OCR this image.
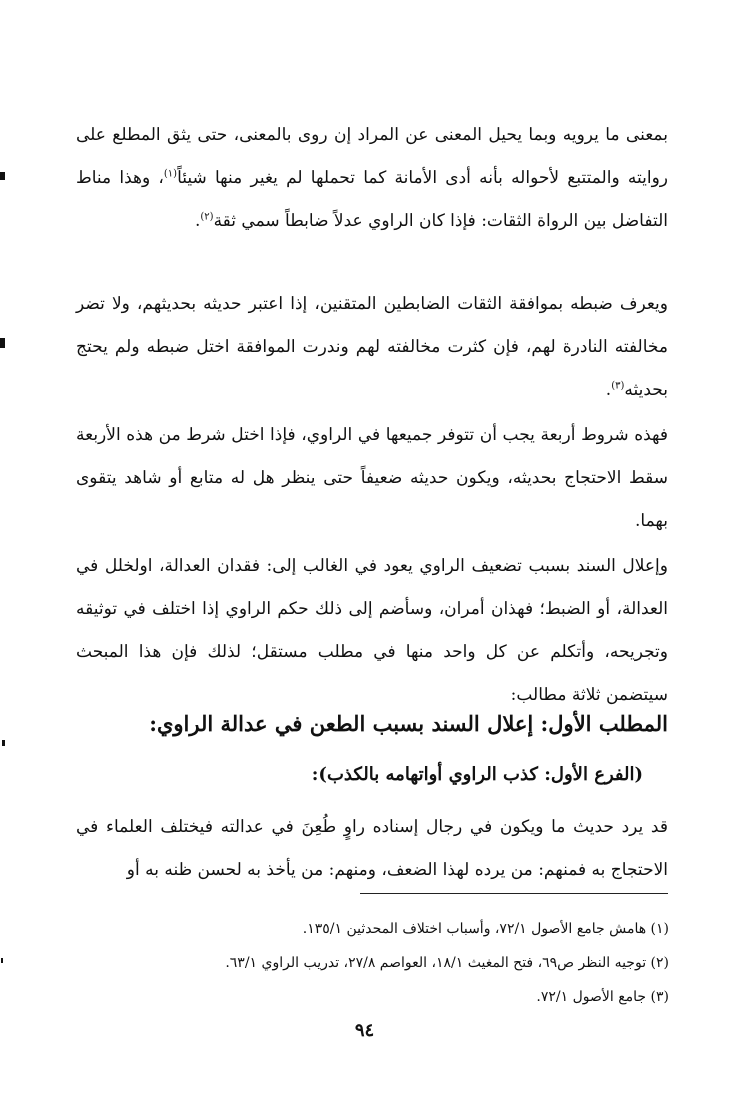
بمعنى ما يرويه وبما يحيل المعنى عن المراد إن روى بالمعنى، حتى يثق المطلع على روايته والمتتبع لأحواله بأنه أدى الأمانة كما تحملها لم يغير منها شيئاً$^{(١)}$، وهذا مناط التفاضل بين الرواة الثقات: فإذا كان الراوي عدلاً ضابطاً سمي ثقة$^{(٢)}$.
ويعرف ضبطه بموافقة الثقات الضابطين المتقنين، إذا اعتبر حديثه بحديثهم، ولا تضر مخالفته النادرة لهم، فإن كثرت مخالفته لهم وندرت الموافقة اختل ضبطه ولم يحتج بحديثه$^{(٣)}$.
فهذه شروط أربعة يجب أن تتوفر جميعها في الراوي، فإذا اختل شرط من هذه الأربعة سقط الاحتجاج بحديثه، ويكون حديثه ضعيفاً حتى ينظر هل له متابع أو شاهد يتقوى بهما.
وإعلال السند بسبب تضعيف الراوي يعود في الغالب إلى: فقدان العدالة، اولخلل في العدالة، أو الضبط؛ فهذان أمران، وسأضم إلى ذلك حكم الراوي إذا اختلف في توثيقه وتجريحه، وأتكلم عن كل واحد منها في مطلب مستقل؛ لذلك فإن هذا المبحث سيتضمن ثلاثة مطالب:
المطلب الأول: إعلال السند بسبب الطعن في عدالة الراوي:
(الفرع الأول: كذب الراوي أواتهامه بالكذب):
قد يرد حديث ما ويكون في رجال إسناده راوٍ طُعِنَ في عدالته فيختلف العلماء في الاحتجاج به فمنهم: من يرده لهذا الضعف، ومنهم: من يأخذ به لحسن ظنه به أو
(١) هامش جامع الأصول ٧٢/١، وأسباب اختلاف المحدثين ١٣٥/١.
(٢) توجيه النظر ص٦٩، فتح المغيث ١٨/١، العواصم ٢٧/٨، تدريب الراوي ٦٣/١.
(٣) جامع الأصول ٧٢/١.
٩٤
